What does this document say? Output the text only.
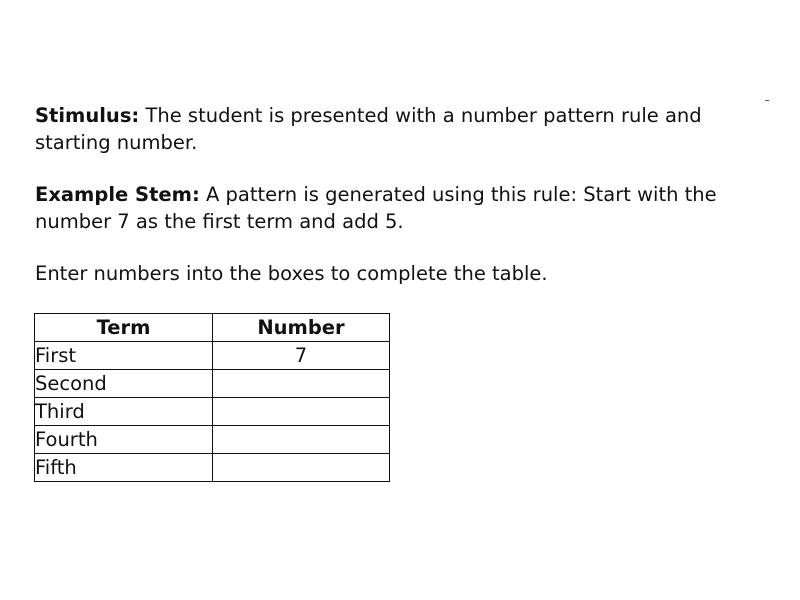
Stimulus: The student is presented with a number pattern rule and starting number.

Example Stem: A pattern is generated using this rule: Start with the number 7 as the first term and add 5.

Enter numbers into the boxes to complete the table.

Term	Number
First	7
Second	
Third	
Fourth	
Fifth	
